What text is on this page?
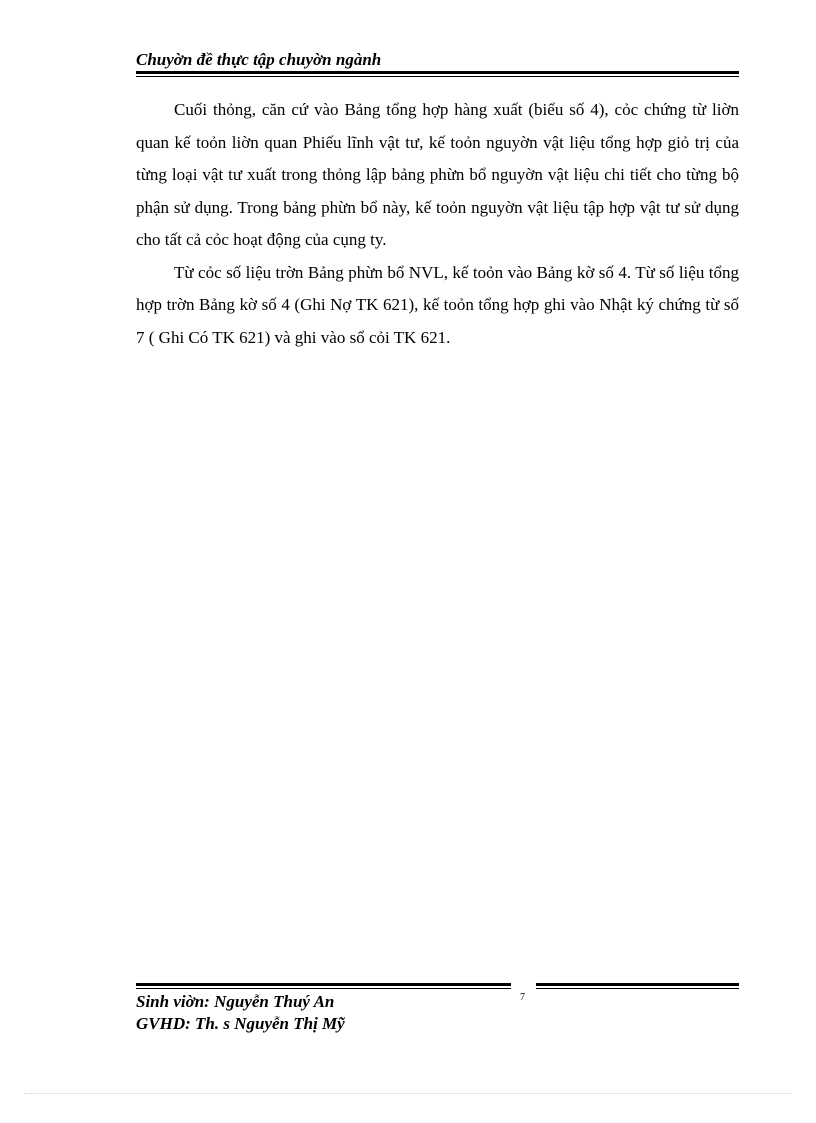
Chuyờn đề thực tập chuyờn ngành

Cuối thỏng, căn cứ vào Bảng tổng hợp hàng xuất (biểu số 4), cỏc chứng từ liờn quan kế toỏn liờn quan Phiếu lĩnh vật tư, kế toỏn nguyờn vật liệu tổng hợp giỏ trị của từng loại vật tư xuất trong thỏng lập bảng phừn bổ nguyờn vật liệu chi tiết cho từng bộ phận sử dụng. Trong bảng phừn bổ này, kế toỏn nguyờn vật liệu tập hợp vật tư sử dụng cho tất cả cỏc hoạt động của cụng ty.

Từ cỏc số liệu trờn Bảng phừn bổ NVL, kế toỏn vào Bảng kờ số 4. Từ số liệu tổng hợp trờn Bảng kờ số 4 (Ghi Nợ TK 621), kế toỏn tổng hợp ghi vào Nhật ký chứng từ số 7 ( Ghi Có TK 621) và ghi vào sổ cỏi TK 621.

Sinh viờn: Nguyễn Thuý An	7
GVHD: Th. s Nguyễn Thị Mỹ
